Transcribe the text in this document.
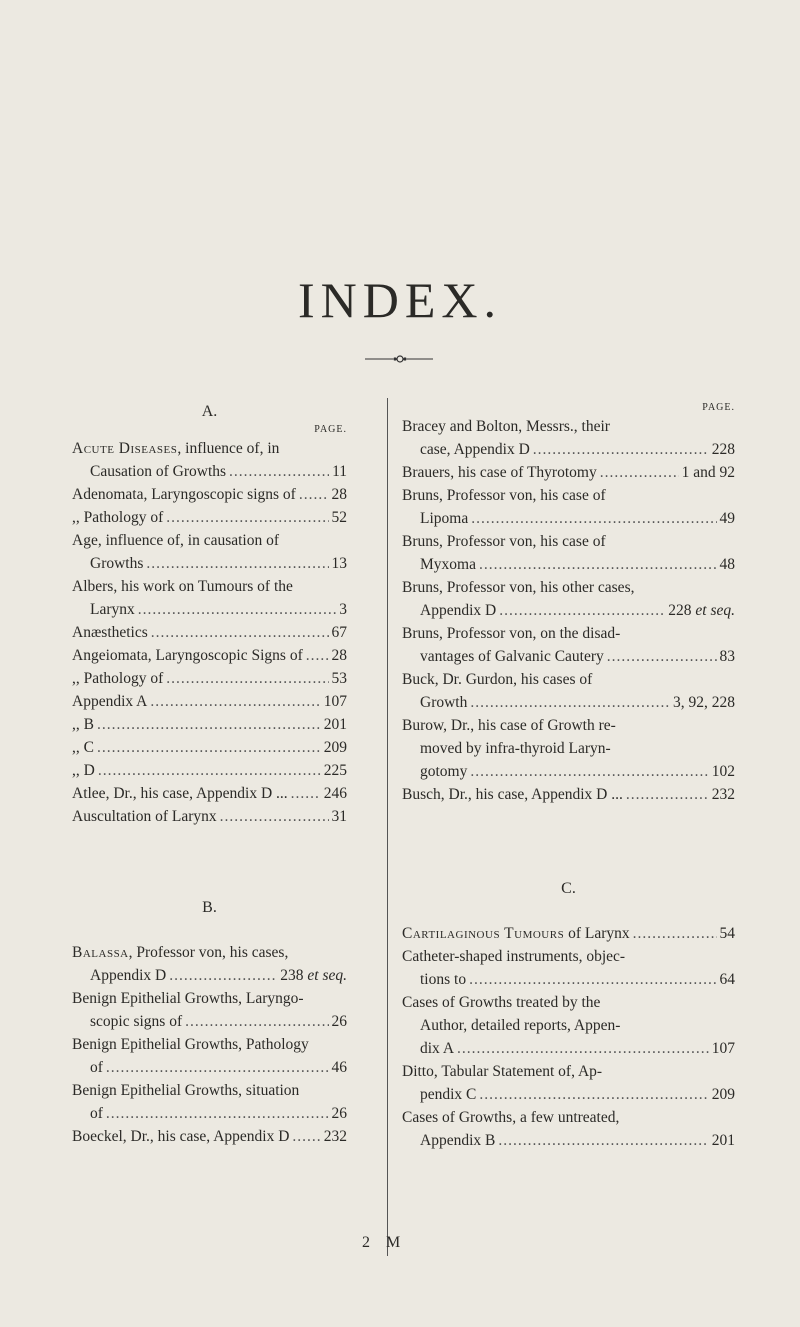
INDEX.

A.

PAGE.

Acute Diseases, influence of, in
Causation of Growths .....	11
Adenomata, Laryngoscopic signs of ..... 28
,, Pathology of .....	52
Age, influence of, in causation of
Growths .....	13
Albers, his work on Tumours of the
Larynx .....	3
Anæsthetics .....	67
Angeiomata, Laryngoscopic Signs of ..... 28
,, Pathology of .....	53
Appendix A .....	107
,, B .....	201
,, C .....	209
,, D .....	225
Atlee, Dr., his case, Appendix D ... ..... 246
Auscultation of Larynx .....	31

B.

Balassa, Professor von, his cases,
Appendix D .....	238 et seq.
Benign Epithelial Growths, Laryngo-
scopic signs of .....	26
Benign Epithelial Growths, Pathology
of .....	46
Benign Epithelial Growths, situation
of .....	26
Boeckel, Dr., his case, Appendix D ..... 232

PAGE.

Bracey and Bolton, Messrs., their
case, Appendix D .....	228
Brauers, his case of Thyrotomy .....	1 and 92
Bruns, Professor von, his case of
Lipoma .....	49
Bruns, Professor von, his case of
Myxoma .....	48
Bruns, Professor von, his other cases,
Appendix D .....	228 et seq.
Bruns, Professor von, on the disad-
vantages of Galvanic Cautery .....	83
Buck, Dr. Gurdon, his cases of
Growth .....	3, 92, 228
Burow, Dr., his case of Growth re-
moved by infra-thyroid Laryn-
gotomy .....	102
Busch, Dr., his case, Appendix D ... .....	232

C.

Cartilaginous Tumours of Larynx .....	54
Catheter-shaped instruments, objec-
tions to .....	64
Cases of Growths treated by the
Author, detailed reports, Appen-
dix A .....	107
Ditto, Tabular Statement of, Ap-
pendix C .....	209
Cases of Growths, a few untreated,
Appendix B .....	201
2 M
